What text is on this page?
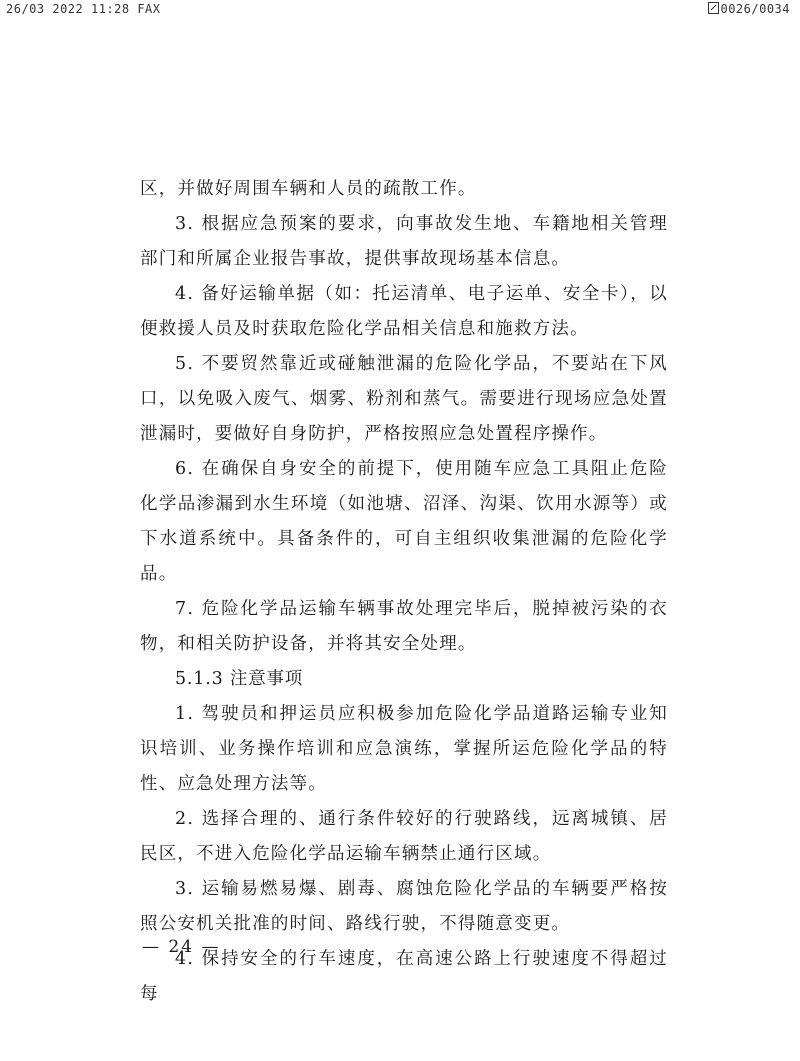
26/03 2022 11:28 FAX	0026/0034

区，并做好周围车辆和人员的疏散工作。

3. 根据应急预案的要求，向事故发生地、车籍地相关管理部门和所属企业报告事故，提供事故现场基本信息。

4. 备好运输单据（如：托运清单、电子运单、安全卡），以便救援人员及时获取危险化学品相关信息和施救方法。

5. 不要贸然靠近或碰触泄漏的危险化学品，不要站在下风口，以免吸入废气、烟雾、粉剂和蒸气。需要进行现场应急处置泄漏时，要做好自身防护，严格按照应急处置程序操作。

6. 在确保自身安全的前提下，使用随车应急工具阻止危险化学品渗漏到水生环境（如池塘、沼泽、沟渠、饮用水源等）或下水道系统中。具备条件的，可自主组织收集泄漏的危险化学品。

7. 危险化学品运输车辆事故处理完毕后，脱掉被污染的衣物，和相关防护设备，并将其安全处理。

5.1.3 注意事项

1. 驾驶员和押运员应积极参加危险化学品道路运输专业知识培训、业务操作培训和应急演练，掌握所运危险化学品的特性、应急处理方法等。

2. 选择合理的、通行条件较好的行驶路线，远离城镇、居民区，不进入危险化学品运输车辆禁止通行区域。

3. 运输易燃易爆、剧毒、腐蚀危险化学品的车辆要严格按照公安机关批准的时间、路线行驶，不得随意变更。

4. 保持安全的行车速度，在高速公路上行驶速度不得超过每

— 24 —
